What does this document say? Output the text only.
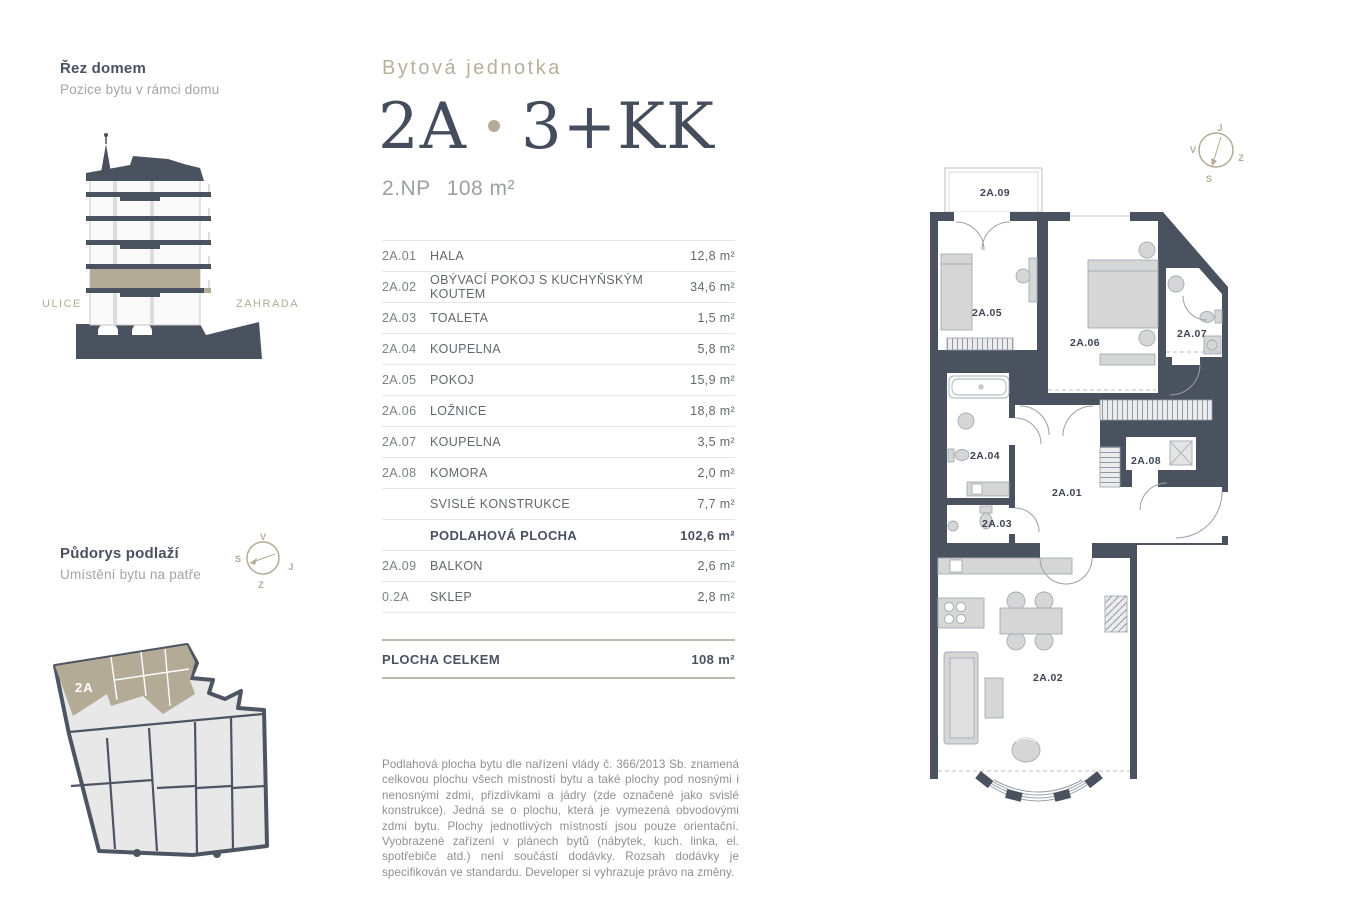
Řez domem
Pozice bytu v rámci domu
ULICE	ZAHRADA
Půdorys podlaží
Umístění bytu na patře
V
S
J
Z
2A
Bytová jednotka
2A 3+KK
2.NP 108 m²
2A.01	HALA	12,8 m²
2A.02	OBÝVACÍ POKOJ S KUCHYŇSKÝM KOUTEM	34,6 m²
2A.03	TOALETA	1,5 m²
2A.04	KOUPELNA	5,8 m²
2A.05	POKOJ	15,9 m²
2A.06	LOŽNICE	18,8 m²
2A.07	KOUPELNA	3,5 m²
2A.08	KOMORA	2,0 m²
SVISLÉ KONSTRUKCE	7,7 m²
PODLAHOVÁ PLOCHA	102,6 m²
2A.09	BALKON	2,6 m²
0.2A	SKLEP	2,8 m²
PLOCHA CELKEM	108 m²

Podlahová plocha bytu dle nařízení vlády č. 366/2013 Sb. znamená celkovou plochu všech místností bytu a také plochy pod nosnými i nenosnými zdmi, přizdívkami a jádry (zde označené jako svislé konstrukce). Jedná se o plochu, která je vymezená obvodovými zdmi bytu. Plochy jednotlivých místností jsou pouze orientační. Vyobrazené zařízení v plánech bytů (nábytek, kuch. linka, el. spotřebiče atd.) není součástí dodávky. Rozsah dodávky je specifikován ve standardu. Developer si vyhrazuje právo na změny.

J
V
Z
S
2A.09
2A.05
2A.06
2A.07
2A.04	2A.08
2A.01
2A.03
2A.02
